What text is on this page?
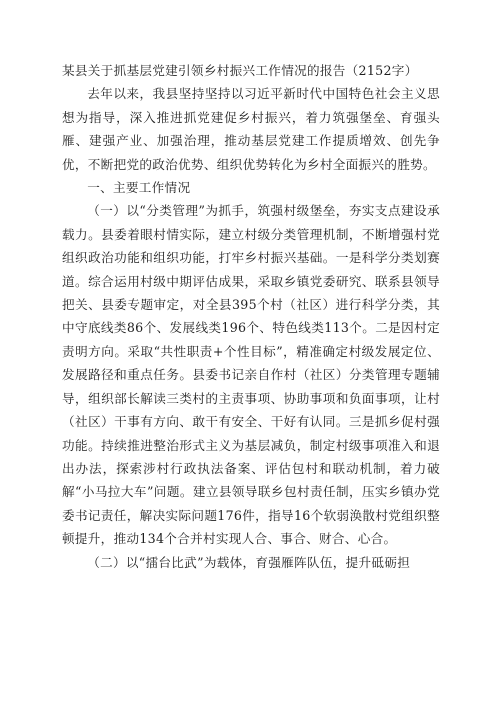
某县关于抓基层党建引领乡村振兴工作情况的报告（2152字）

去年以来，我县坚持坚持以习近平新时代中国特色社会主义思想为指导，深入推进抓党建促乡村振兴，着力筑强堡垒、育强头雁、建强产业、加强治理，推动基层党建工作提质增效、创先争优，不断把党的政治优势、组织优势转化为乡村全面振兴的胜势。

一、主要工作情况

（一）以“分类管理”为抓手，筑强村级堡垒，夯实支点建设承载力。县委着眼村情实际，建立村级分类管理机制，不断增强村党组织政治功能和组织功能，打牢乡村振兴基础。一是科学分类划赛道。综合运用村级中期评估成果，采取乡镇党委研究、联系县领导把关、县委专题审定，对全县395个村（社区）进行科学分类，其中守底线类86个、发展线类196个、特色线类113个。二是因村定责明方向。采取“共性职责+个性目标”，精准确定村级发展定位、发展路径和重点任务。县委书记亲自作村（社区）分类管理专题辅导，组织部长解读三类村的主责事项、协助事项和负面事项，让村（社区）干事有方向、敢干有安全、干好有认同。三是抓乡促村强功能。持续推进整治形式主义为基层减负，制定村级事项准入和退出办法，探索涉村行政执法备案、评估包村和联动机制，着力破解“小马拉大车”问题。建立县领导联乡包村责任制，压实乡镇办党委书记责任，解决实际问题176件，指导16个软弱涣散村党组织整顿提升，推动134个合并村实现人合、事合、财合、心合。

（二）以“擂台比武”为载体，育强雁阵队伍，提升砥砺担
